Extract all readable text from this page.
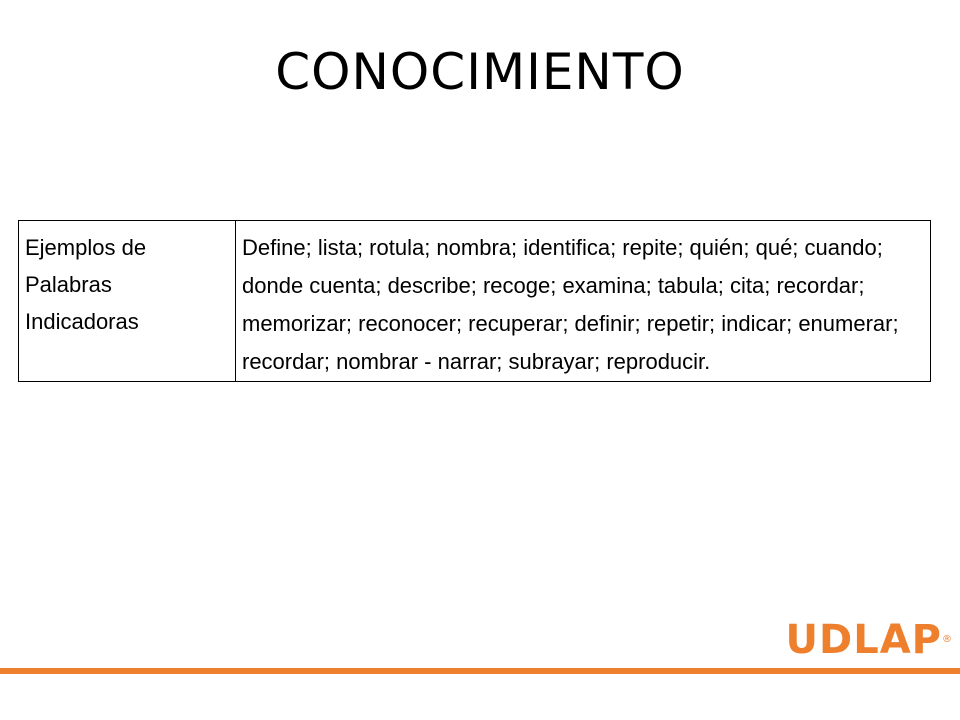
CONOCIMIENTO
Ejemplos de Palabras Indicadoras	Define; lista; rotula; nombra; identifica; repite; quién; qué; cuando; donde cuenta; describe; recoge; examina; tabula; cita; recordar; memorizar; reconocer; recuperar; definir; repetir; indicar; enumerar; recordar; nombrar - narrar; subrayar; reproducir.
UDLAP®
